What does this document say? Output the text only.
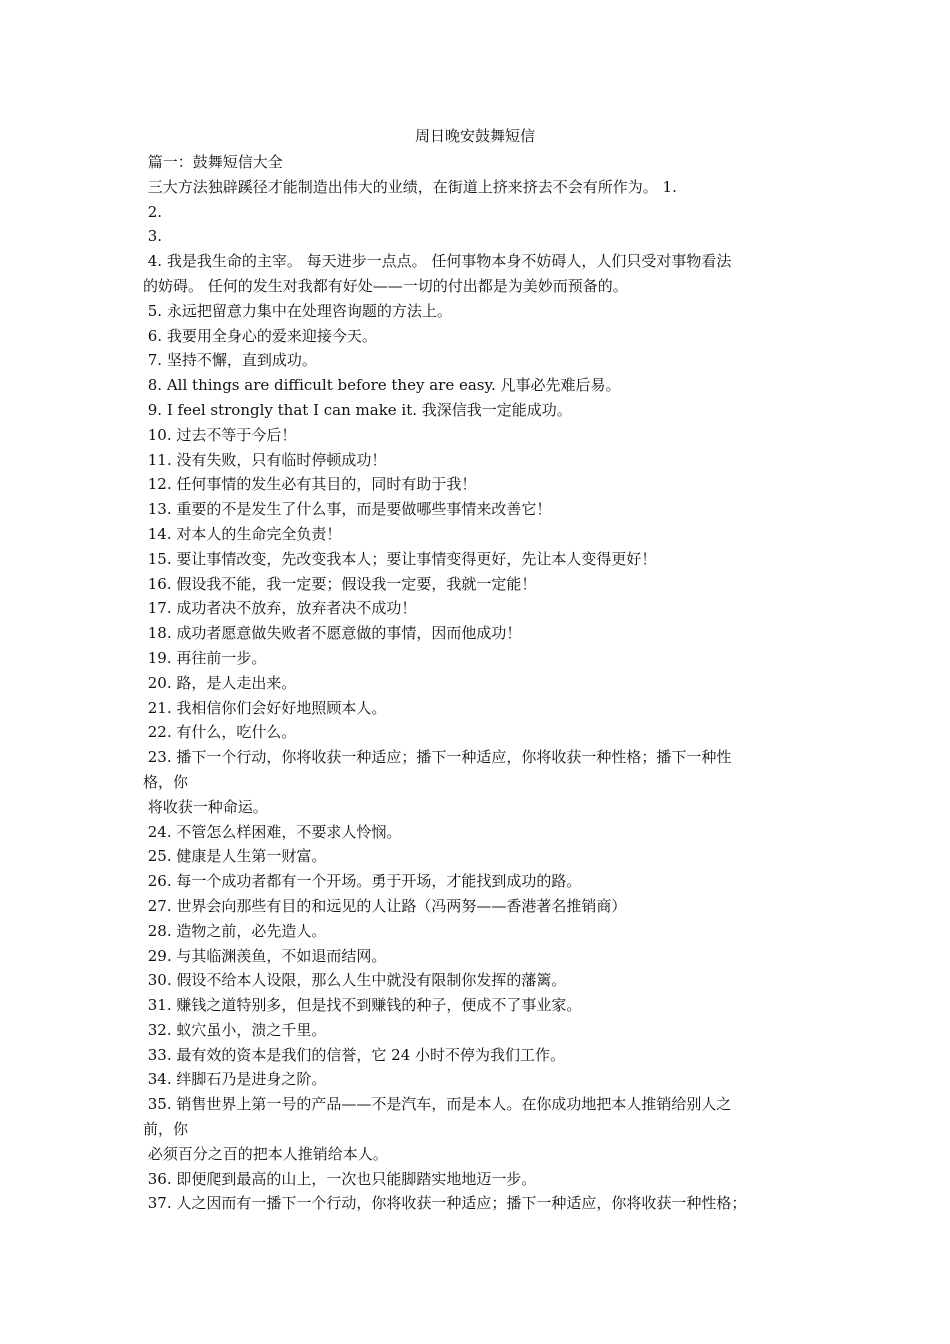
周日晚安鼓舞短信
篇一：鼓舞短信大全
三大方法独辟蹊径才能制造出伟大的业绩，在街道上挤来挤去不会有所作为。 1.
2.
3.
4. 我是我生命的主宰。 每天进步一点点。 任何事物本身不妨碍人，人们只受对事物看法
的妨碍。 任何的发生对我都有好处——一切的付出都是为美妙而预备的。
5. 永远把留意力集中在处理咨询题的方法上。
6. 我要用全身心的爱来迎接今天。
7. 坚持不懈，直到成功。
8. All things are difficult before they are easy. 凡事必先难后易。
9. I feel strongly that I can make it. 我深信我一定能成功。
10. 过去不等于今后！
11. 没有失败，只有临时停顿成功！
12. 任何事情的发生必有其目的，同时有助于我！
13. 重要的不是发生了什么事，而是要做哪些事情来改善它！
14. 对本人的生命完全负责！
15. 要让事情改变，先改变我本人；要让事情变得更好，先让本人变得更好！
16. 假设我不能，我一定要；假设我一定要，我就一定能！
17. 成功者决不放弃，放弃者决不成功！
18. 成功者愿意做失败者不愿意做的事情，因而他成功！
19. 再往前一步。
20. 路，是人走出来。
21. 我相信你们会好好地照顾本人。
22. 有什么，吃什么。
23. 播下一个行动，你将收获一种适应；播下一种适应，你将收获一种性格；播下一种性
格，你
将收获一种命运。
24. 不管怎么样困难，不要求人怜悯。
25. 健康是人生第一财富。
26. 每一个成功者都有一个开场。勇于开场，才能找到成功的路。
27. 世界会向那些有目的和远见的人让路（冯两努——香港著名推销商）
28. 造物之前，必先造人。
29. 与其临渊羡鱼，不如退而结网。
30. 假设不给本人设限，那么人生中就没有限制你发挥的藩篱。
31. 赚钱之道特别多，但是找不到赚钱的种子，便成不了事业家。
32. 蚁穴虽小，溃之千里。
33. 最有效的资本是我们的信誉，它 24 小时不停为我们工作。
34. 绊脚石乃是进身之阶。
35. 销售世界上第一号的产品——不是汽车，而是本人。在你成功地把本人推销给别人之
前，你
必须百分之百的把本人推销给本人。
36. 即便爬到最高的山上，一次也只能脚踏实地地迈一步。
37. 人之因而有一播下一个行动，你将收获一种适应；播下一种适应，你将收获一种性格；
